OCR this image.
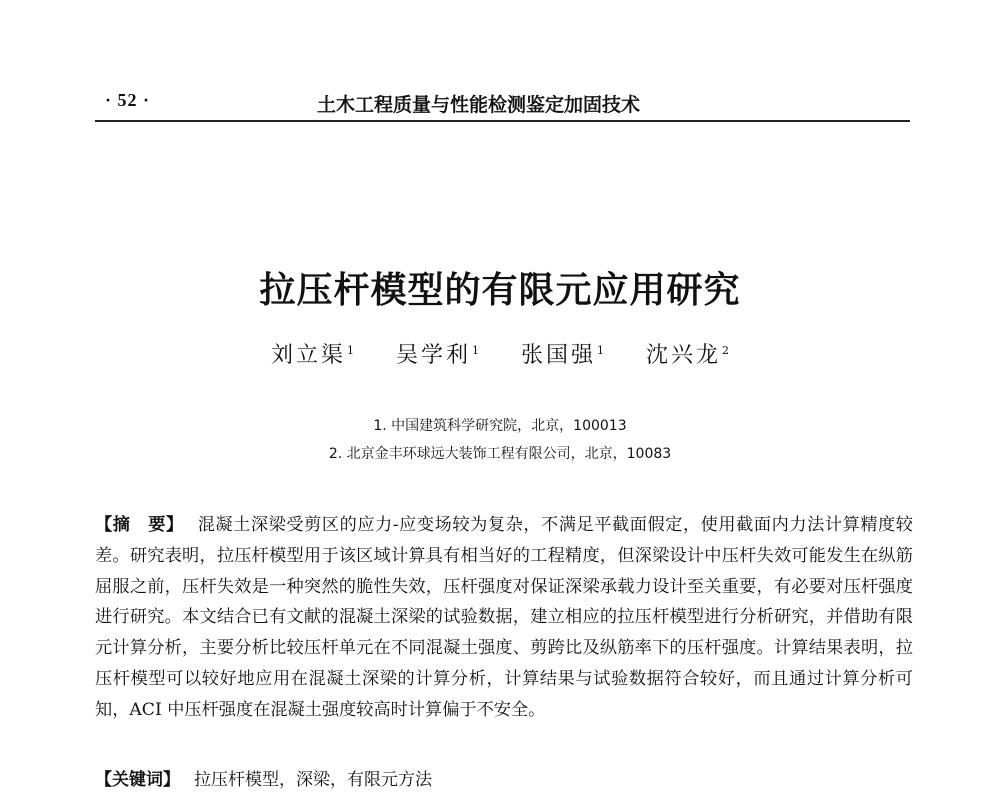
· 52 ·	土木工程质量与性能检测鉴定加固技术
拉压杆模型的有限元应用研究
刘立渠$^1$ 吴学利$^1$ 张国强$^1$ 沈兴龙$^2$
1. 中国建筑科学研究院，北京，100013
2. 北京金丰环球远大装饰工程有限公司，北京，10083
【摘　要】 混凝土深梁受剪区的应力-应变场较为复杂，不满足平截面假定，使用截面内力法计算精度较差。研究表明，拉压杆模型用于该区域计算具有相当好的工程精度，但深梁设计中压杆失效可能发生在纵筋屈服之前，压杆失效是一种突然的脆性失效，压杆强度对保证深梁承载力设计至关重要，有必要对压杆强度进行研究。本文结合已有文献的混凝土深梁的试验数据，建立相应的拉压杆模型进行分析研究，并借助有限元计算分析，主要分析比较压杆单元在不同混凝土强度、剪跨比及纵筋率下的压杆强度。计算结果表明，拉压杆模型可以较好地应用在混凝土深梁的计算分析，计算结果与试验数据符合较好，而且通过计算分析可知，ACI 中压杆强度在混凝土强度较高时计算偏于不安全。
【关键词】 拉压杆模型，深梁，有限元方法
